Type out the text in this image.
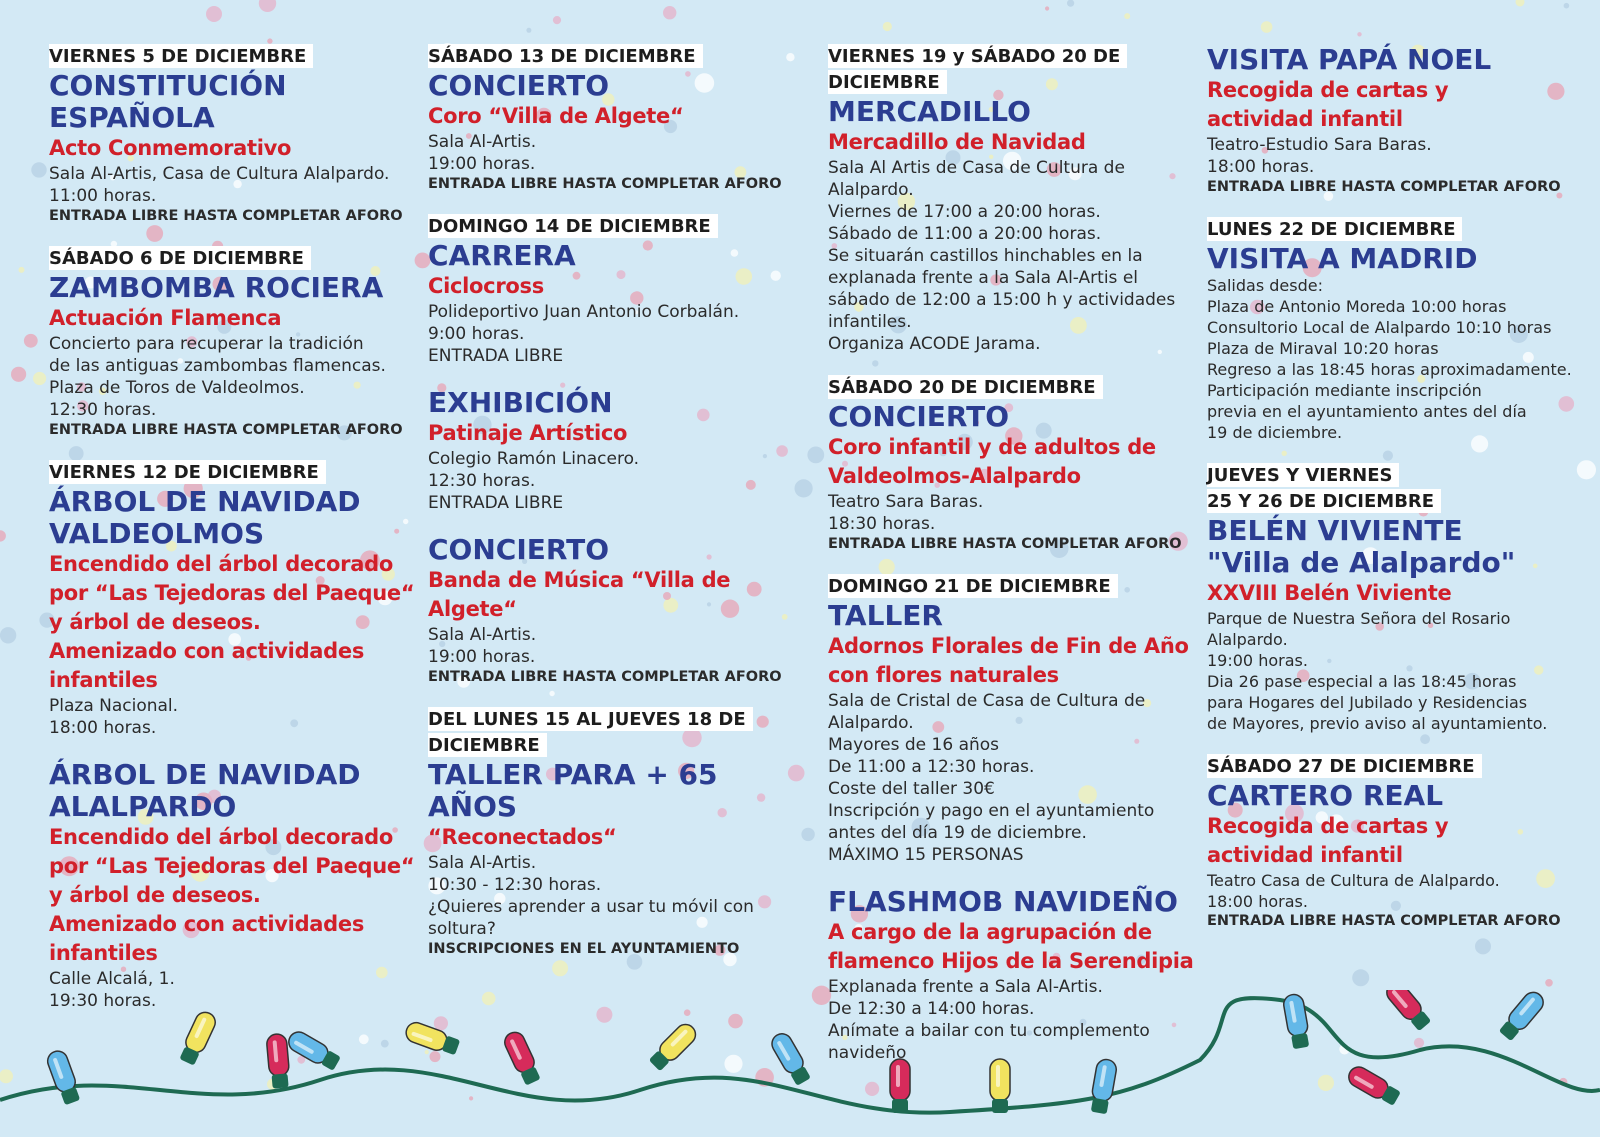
VIERNES 5 DE DICIEMBRE
CONSTITUCIÓN
ESPAÑOLA
Acto Conmemorativo
Sala Al-Artis, Casa de Cultura Alalpardo.
11:00 horas.
ENTRADA LIBRE HASTA COMPLETAR AFORO
SÁBADO 6 DE DICIEMBRE
ZAMBOMBA ROCIERA
Actuación Flamenca
Concierto para recuperar la tradición
de las antiguas zambombas flamencas.
Plaza de Toros de Valdeolmos.
12:30 horas.
ENTRADA LIBRE HASTA COMPLETAR AFORO
VIERNES 12 DE DICIEMBRE
ÁRBOL DE NAVIDAD
VALDEOLMOS
Encendido del árbol decorado
por “Las Tejedoras del Paeque“
y árbol de deseos.
Amenizado con actividades
infantiles
Plaza Nacional.
18:00 horas.
ÁRBOL DE NAVIDAD
ALALPARDO
Encendido del árbol decorado
por “Las Tejedoras del Paeque“
y árbol de deseos.
Amenizado con actividades
infantiles
Calle Alcalá, 1.
19:30 horas.
SÁBADO 13 DE DICIEMBRE
CONCIERTO
Coro “Villa de Algete“
Sala Al-Artis.
19:00 horas.
ENTRADA LIBRE HASTA COMPLETAR AFORO
DOMINGO 14 DE DICIEMBRE
CARRERA
Ciclocross
Polideportivo Juan Antonio Corbalán.
9:00 horas.
ENTRADA LIBRE
EXHIBICIÓN
Patinaje Artístico
Colegio Ramón Linacero.
12:30 horas.
ENTRADA LIBRE
CONCIERTO
Banda de Música “Villa de
Algete“
Sala Al-Artis.
19:00 horas.
ENTRADA LIBRE HASTA COMPLETAR AFORO
DEL LUNES 15 AL JUEVES 18 DE
DICIEMBRE
TALLER PARA + 65 AÑOS
“Reconectados“
Sala Al-Artis.
10:30 - 12:30 horas.
¿Quieres aprender a usar tu móvil con
soltura?
INSCRIPCIONES EN EL AYUNTAMIENTO
VIERNES 19 y SÁBADO 20 DE
DICIEMBRE
MERCADILLO
Mercadillo de Navidad
Sala Al Artis de Casa de Cultura de
Alalpardo.
Viernes de 17:00 a 20:00 horas.
Sábado de 11:00 a 20:00 horas.
Se situarán castillos hinchables en la
explanada frente a la Sala Al-Artis el
sábado de 12:00 a 15:00 h y actividades
infantiles.
Organiza ACODE Jarama.
SÁBADO 20 DE DICIEMBRE
CONCIERTO
Coro infantil y de adultos de
Valdeolmos-Alalpardo
Teatro Sara Baras.
18:30 horas.
ENTRADA LIBRE HASTA COMPLETAR AFORO
DOMINGO 21 DE DICIEMBRE
TALLER
Adornos Florales de Fin de Año
con flores naturales
Sala de Cristal de Casa de Cultura de
Alalpardo.
Mayores de 16 años
De 11:00 a 12:30 horas.
Coste del taller 30€
Inscripción y pago en el ayuntamiento
antes del día 19 de diciembre.
MÁXIMO 15 PERSONAS
FLASHMOB NAVIDEÑO
A cargo de la agrupación de
flamenco Hijos de la Serendipia
Explanada frente a Sala Al-Artis.
De 12:30 a 14:00 horas.
Anímate a bailar con tu complemento
navideño
VISITA PAPÁ NOEL
Recogida de cartas y
actividad infantil
Teatro-Estudio Sara Baras.
18:00 horas.
ENTRADA LIBRE HASTA COMPLETAR AFORO
LUNES 22 DE DICIEMBRE
VISITA A MADRID
Salidas desde:
Plaza de Antonio Moreda 10:00 horas
Consultorio Local de Alalpardo 10:10 horas
Plaza de Miraval 10:20 horas
Regreso a las 18:45 horas aproximadamente.
Participación mediante inscripción
previa en el ayuntamiento antes del día
19 de diciembre.
JUEVES Y VIERNES
25 Y 26 DE DICIEMBRE
BELÉN VIVIENTE
"Villa de Alalpardo"
XXVIII Belén Viviente
Parque de Nuestra Señora del Rosario
Alalpardo.
19:00 horas.
Dia 26 pase especial a las 18:45 horas
para Hogares del Jubilado y Residencias
de Mayores, previo aviso al ayuntamiento.
SÁBADO 27 DE DICIEMBRE
CARTERO REAL
Recogida de cartas y
actividad infantil
Teatro Casa de Cultura de Alalpardo.
18:00 horas.
ENTRADA LIBRE HASTA COMPLETAR AFORO
